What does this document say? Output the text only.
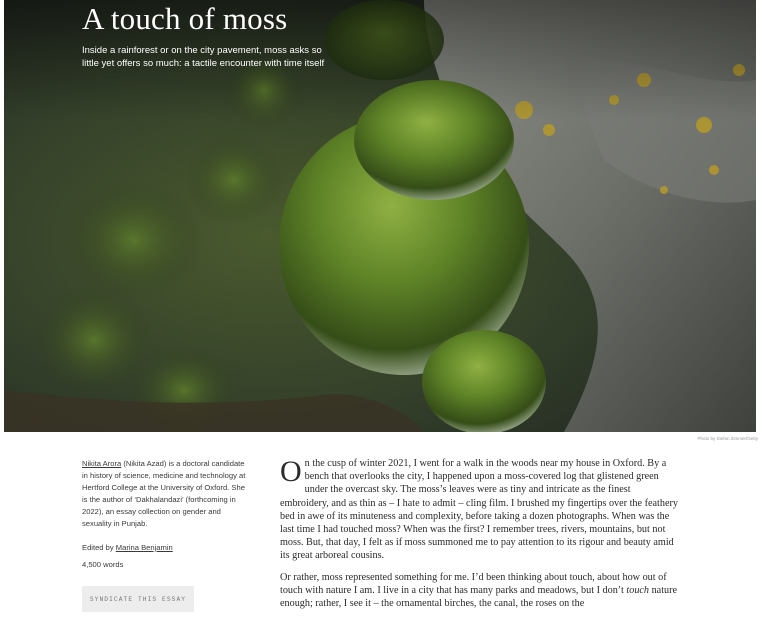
A touch of moss

Inside a rainforest or on the city pavement, moss asks so little yet offers so much: a tactile encounter with time itself

Photo by Stefan Zimmer/Getty

Nikita Arora (Nikita Azad) is a doctoral candidate in history of science, medicine and technology at Hertford College at the University of Oxford. She is the author of ‘Dakhalandazi’ (forthcoming in 2022), an essay collection on gender and sexuality in Punjab.

Edited by Marina Benjamin

4,500 words

SYNDICATE THIS ESSAY

On the cusp of winter 2021, I went for a walk in the woods near my house in Oxford. By a bench that overlooks the city, I happened upon a moss-covered log that glistened green under the overcast sky. The moss’s leaves were as tiny and intricate as the finest embroidery, and as thin as – I hate to admit – cling film. I brushed my fingertips over the feathery bed in awe of its minuteness and complexity, before taking a dozen photographs. When was the last time I had touched moss? When was the first? I remember trees, rivers, mountains, but not moss. But, that day, I felt as if moss summoned me to pay attention to its rigour and beauty amid its great arboreal cousins.

Or rather, moss represented something for me. I’d been thinking about touch, about how out of touch with nature I am. I live in a city that has many parks and meadows, but I don’t touch nature enough; rather, I see it – the ornamental birches, the canal, the roses on the
